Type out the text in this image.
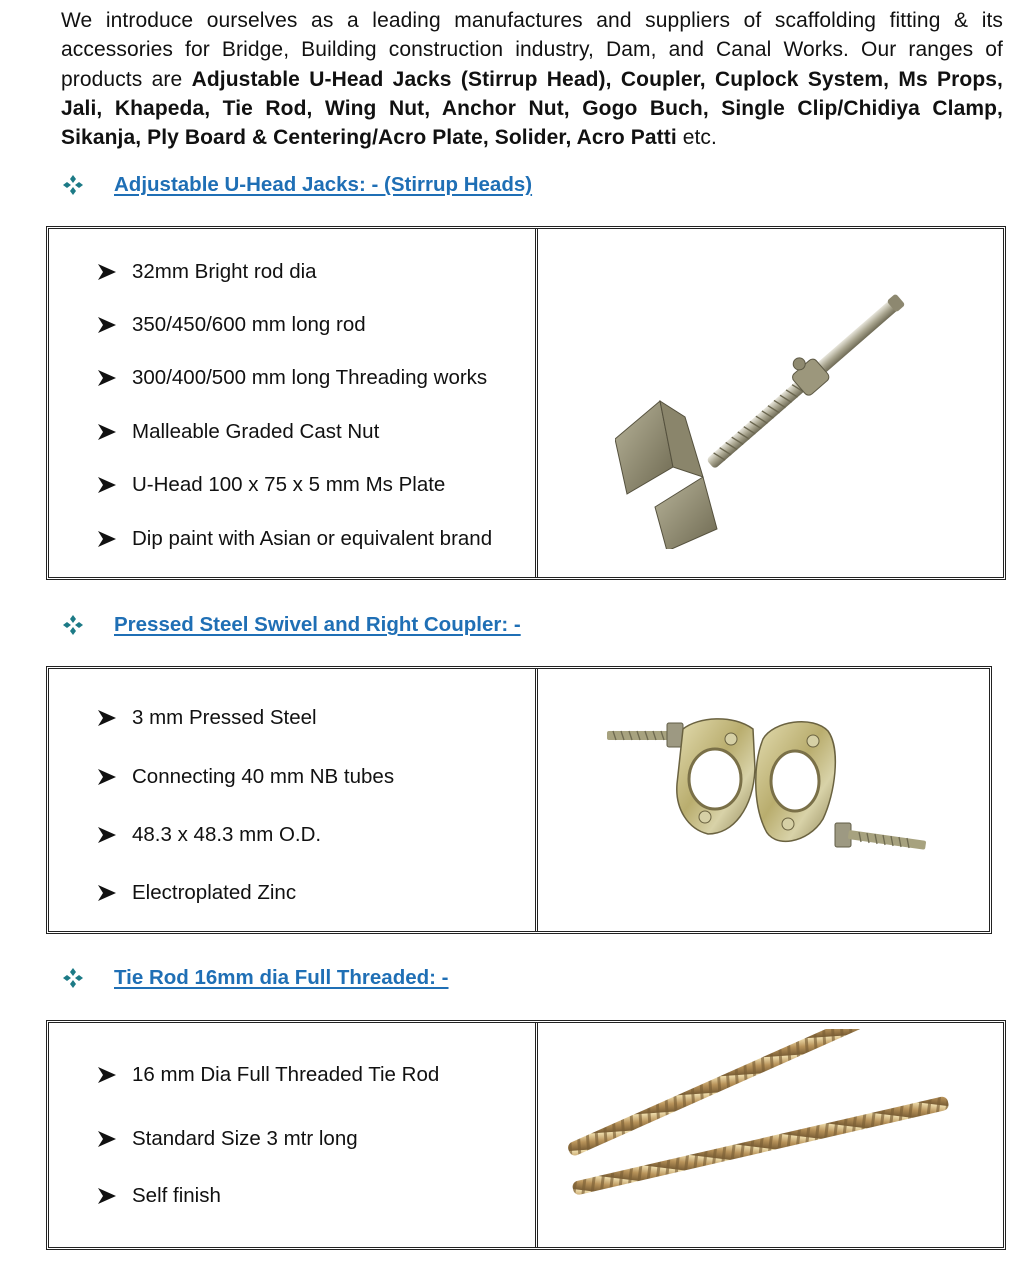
We introduce ourselves as a leading manufactures and suppliers of scaffolding fitting & its accessories for Bridge, Building construction industry, Dam, and Canal Works. Our ranges of products are Adjustable U-Head Jacks (Stirrup Head), Coupler, Cuplock System, Ms Props, Jali, Khapeda, Tie Rod, Wing Nut, Anchor Nut, Gogo Buch, Single Clip/Chidiya Clamp, Sikanja, Ply Board & Centering/Acro Plate, Solider, Acro Patti etc.
Adjustable U-Head Jacks: - (Stirrup Heads)
32mm Bright rod dia
350/450/600 mm long rod
300/400/500 mm long Threading works
Malleable Graded Cast Nut
U-Head 100 x 75 x 5 mm Ms Plate
Dip paint with Asian or equivalent brand
Pressed Steel Swivel and Right Coupler: -
3 mm Pressed Steel
Connecting 40 mm NB tubes
48.3 x 48.3 mm O.D.
Electroplated Zinc
Tie Rod 16mm dia Full Threaded: -
16 mm Dia Full Threaded Tie Rod
Standard Size 3 mtr long
Self finish
